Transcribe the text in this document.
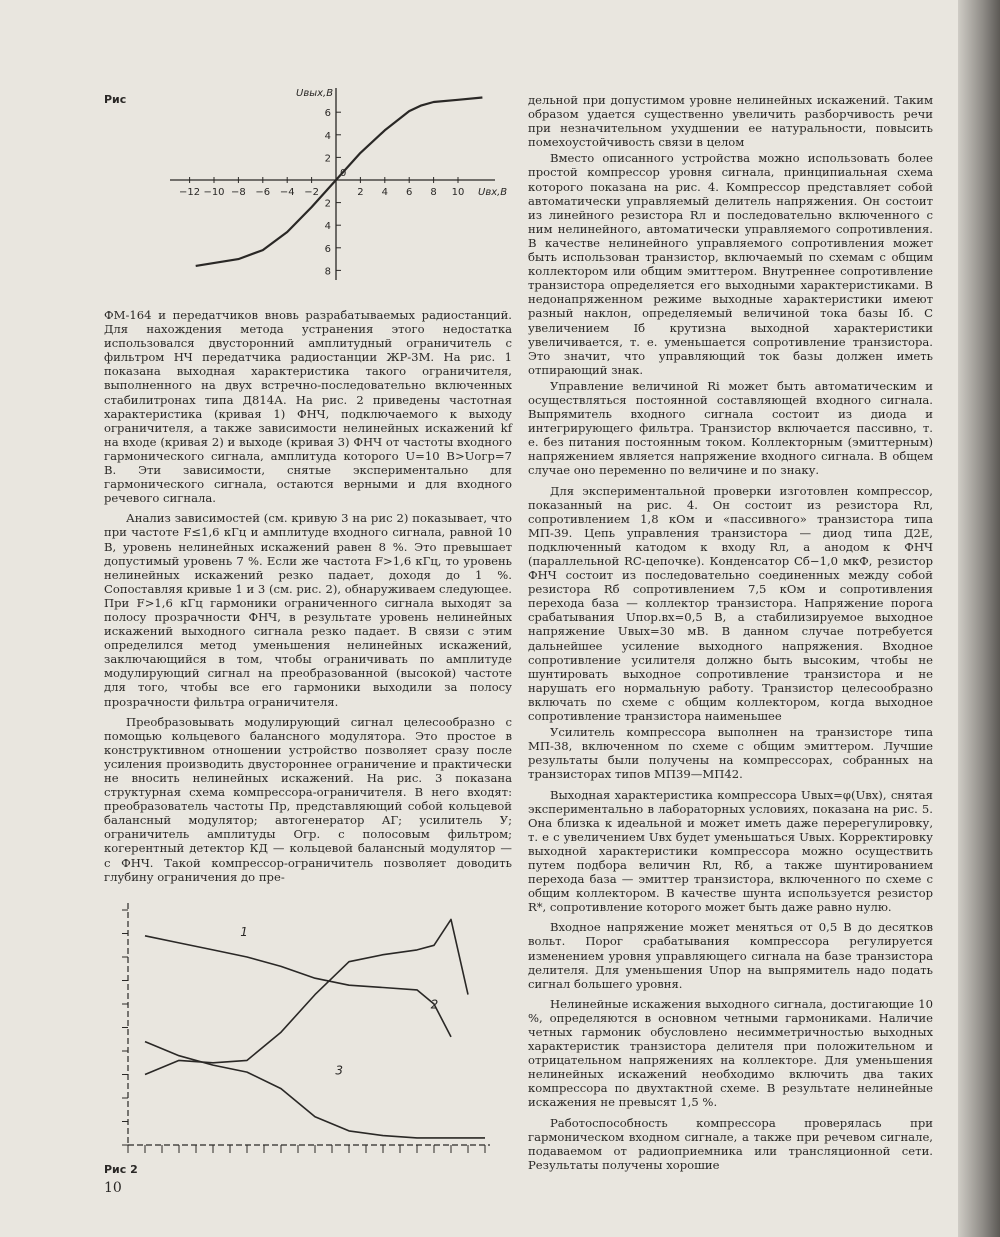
Рис
−12 −10 −8 −6 −4 −2	2 4 6 8 10
6
4
2
2
4
6
8
0
Uвых,В
Uвх,В

ФМ-164 и передатчиков вновь разрабатываемых радиостанций. Для нахождения метода устранения этого недостатка использовался двусторонний амплитудный ограничитель с фильтром НЧ передатчика радиостанции ЖР-3М. На рис. 1 показана выходная характеристика такого ограничителя, выполненного на двух встречно-последовательно включенных стабилитронах типа Д814А. На рис. 2 приведены частотная характеристика (кривая 1) ФНЧ, подключаемого к выходу ограничителя, а также зависимости нелинейных искажений kf на входе (кривая 2) и выходе (кривая 3) ФНЧ от частоты входного гармонического сигнала, амплитуда которого U=10 В>Uогр=7 В. Эти зависимости, снятые экспериментально для гармонического сигнала, остаются верными и для входного речевого сигнала.

Анализ зависимостей (см. кривую 3 на рис 2) показывает, что при частоте F≤1,6 кГц и амплитуде входного сигнала, равной 10 В, уровень нелинейных искажений равен 8 %. Это превышает допустимый уровень 7 %. Если же частота F>1,6 кГц, то уровень нелинейных искажений резко падает, доходя до 1 %. Сопоставляя кривые 1 и 3 (см. рис. 2), обнаруживаем следующее. При F>1,6 кГц гармоники ограниченного сигнала выходят за полосу прозрачности ФНЧ, в результате уровень нелинейных искажений выходного сигнала резко падает. В связи с этим определился метод уменьшения нелинейных искажений, заключающийся в том, чтобы ограничивать по амплитуде модулирующий сигнал на преобразованной (высокой) частоте для того, чтобы все его гармоники выходили за полосу прозрачности фильтра ограничителя.

Преобразовывать модулирующий сигнал целесообразно с помощью кольцевого балансного модулятора. Это простое в конструктивном отношении устройство позволяет сразу после усиления производить двустороннее ограничение и практически не вносить нелинейных искажений. На рис. 3 показана структурная схема компрессора-ограничителя. В него входят: преобразователь частоты Пр, представляющий собой кольцевой балансный модулятор; автогенератор АГ; усилитель У; ограничитель амплитуды Огр. с полосовым фильтром; когерентный детектор КД — кольцевой балансный модулятор — с ФНЧ. Такой компрессор-ограничитель позволяет доводить глубину ограничения до пре-

1
2
3
Рис 2
10

дельной при допустимом уровне нелинейных искажений. Таким образом удается существенно увеличить разборчивость речи при незначительном ухудшении ее натуральности, повысить помехоустойчивость связи в целом

Вместо описанного устройства можно использовать более простой компрессор уровня сигнала, принципиальная схема которого показана на рис. 4. Компрессор представляет собой автоматически управляемый делитель напряжения. Он состоит из линейного резистора Rл и последовательно включенного с ним нелинейного, автоматически управляемого сопротивления. В качестве нелинейного управляемого сопротивления может быть использован транзистор, включаемый по схемам с общим коллектором или общим эмиттером. Внутреннее сопротивление транзистора определяется его выходными характеристиками. В недонапряженном режиме выходные характеристики имеют разный наклон, определяемый величиной тока базы Iб. С увеличением Iб крутизна выходной характеристики увеличивается, т. е. уменьшается сопротивление транзистора. Это значит, что управляющий ток базы должен иметь отпирающий знак.

Управление величиной Ri может быть автоматическим и осуществляться постоянной составляющей входного сигнала. Выпрямитель входного сигнала состоит из диода и интегрирующего фильтра. Транзистор включается пассивно, т. е. без питания постоянным током. Коллекторным (эмиттерным) напряжением является напряжение входного сигнала. В общем случае оно переменно по величине и по знаку.

Для экспериментальной проверки изготовлен компрессор, показанный на рис. 4. Он состоит из резистора Rл, сопротивлением 1,8 кОм и «пассивного» транзистора типа МП-39. Цепь управления транзистора — диод типа Д2Е, подключенный катодом к входу Rл, а анодом к ФНЧ (параллельной RC-цепочке). Конденсатор Сб−1,0 мкФ, резистор ФНЧ состоит из последовательно соединенных между собой резистора Rб сопротивлением 7,5 кОм и сопротивления перехода база — коллектор транзистора. Напряжение порога срабатывания Uпор.вх=0,5 В, а стабилизируемое выходное напряжение Uвых=30 мВ. В данном случае потребуется дальнейшее усиление выходного напряжения. Входное сопротивление усилителя должно быть высоким, чтобы не шунтировать выходное сопротивление транзистора и не нарушать его нормальную работу. Транзистор целесообразно включать по схеме с общим коллектором, когда выходное сопротивление транзистора наименьшее

Усилитель компрессора выполнен на транзисторе типа МП-38, включенном по схеме с общим эмиттером. Лучшие результаты были получены на компрессорах, собранных на транзисторах типов МП39—МП42.

Выходная характеристика компрессора Uвых=φ(Uвх), снятая экспериментально в лабораторных условиях, показана на рис. 5. Она близка к идеальной и может иметь даже перерегулировку, т. е с увеличением Uвх будет уменьшаться Uвых. Корректировку выходной характеристики компрессора можно осуществить путем подбора величин Rл, Rб, а также шунтированием перехода база — эмиттер транзистора, включенного по схеме с общим коллектором. В качестве шунта используется резистор R*, сопротивление которого может быть даже равно нулю.

Входное напряжение может меняться от 0,5 В до десятков вольт. Порог срабатывания компрессора регулируется изменением уровня управляющего сигнала на базе транзистора делителя. Для уменьшения Uпор на выпрямитель надо подать сигнал большего уровня.

Нелинейные искажения выходного сигнала, достигающие 10 %, определяются в основном четными гармониками. Наличие четных гармоник обусловлено несимметричностью выходных характеристик транзистора делителя при положительном и отрицательном напряжениях на коллекторе. Для уменьшения нелинейных искажений необходимо включить два таких компрессора по двухтактной схеме. В результате нелинейные искажения не превысят 1,5 %.

Работоспособность компрессора проверялась при гармоническом входном сигнале, а также при речевом сигнале, подаваемом от радиоприемника или трансляционной сети. Результаты получены хорошие
